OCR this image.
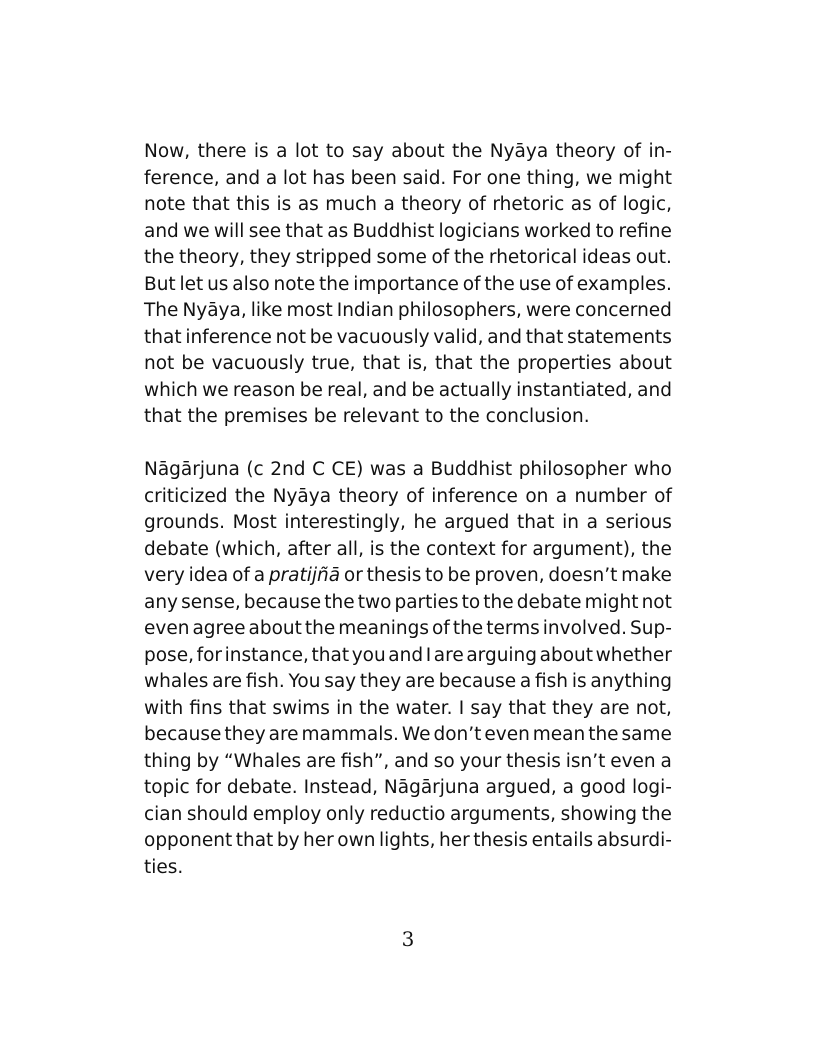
Now, there is a lot to say about the Nyāya theory of in-
ference, and a lot has been said. For one thing, we might
note that this is as much a theory of rhetoric as of logic,
and we will see that as Buddhist logicians worked to refine
the theory, they stripped some of the rhetorical ideas out.
But let us also note the importance of the use of examples.
The Nyāya, like most Indian philosophers, were concerned
that inference not be vacuously valid, and that statements
not be vacuously true, that is, that the properties about
which we reason be real, and be actually instantiated, and
that the premises be relevant to the conclusion.
Nāgārjuna (c 2nd C CE) was a Buddhist philosopher who
criticized the Nyāya theory of inference on a number of
grounds. Most interestingly, he argued that in a serious
debate (which, after all, is the context for argument), the
very idea of a pratijñā or thesis to be proven, doesn’t make
any sense, because the two parties to the debate might not
even agree about the meanings of the terms involved. Sup-
pose, for instance, that you and I are arguing about whether
whales are fish. You say they are because a fish is anything
with fins that swims in the water. I say that they are not,
because they are mammals. We don’t even mean the same
thing by “Whales are fish”, and so your thesis isn’t even a
topic for debate. Instead, Nāgārjuna argued, a good logi-
cian should employ only reductio arguments, showing the
opponent that by her own lights, her thesis entails absurdi-
ties.
3
